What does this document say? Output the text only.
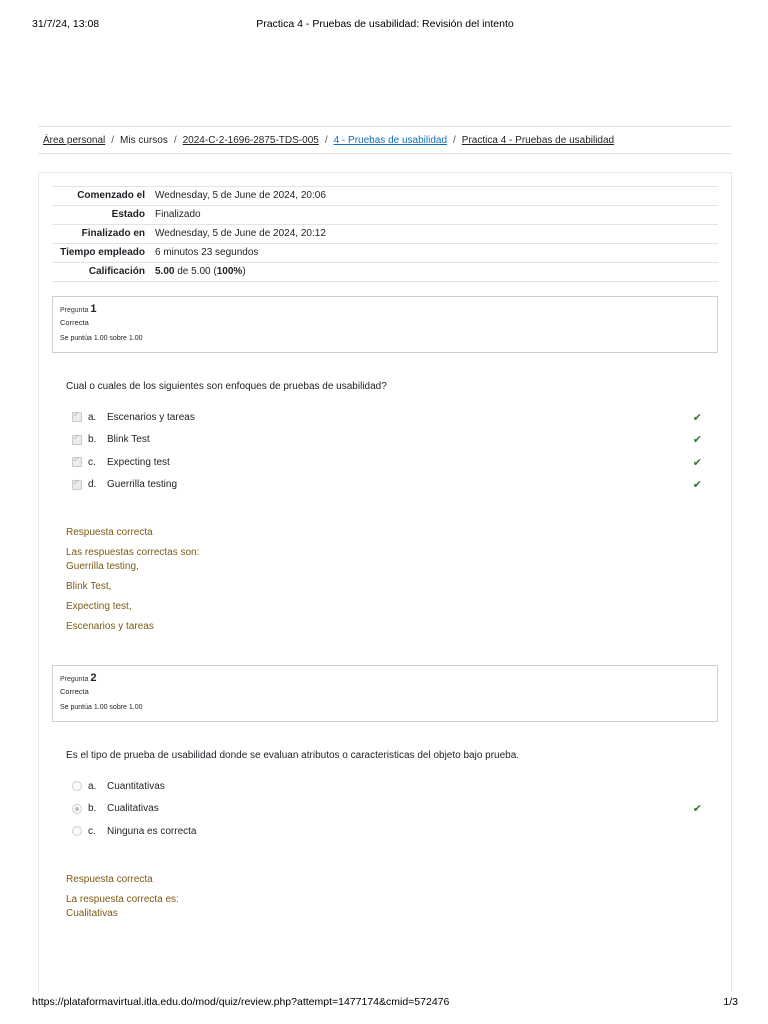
31/7/24, 13:08	Practica 4 - Pruebas de usabilidad: Revisión del intento
Área personal / Mis cursos / 2024-C-2-1696-2875-TDS-005 / 4 - Pruebas de usabilidad / Practica 4 - Pruebas de usabilidad
Comenzado el	Wednesday, 5 de June de 2024, 20:06
Estado	Finalizado
Finalizado en	Wednesday, 5 de June de 2024, 20:12
Tiempo empleado	6 minutos 23 segundos
Calificación	5.00 de 5.00 (100%)
Pregunta 1
Correcta
Se puntúa 1.00 sobre 1.00
Cual o cuales de los siguientes son enfoques de pruebas de usabilidad?
✓
a.	Escenarios y tareas	✔
✓
b.	Blink Test	✔
✓
c.	Expecting test	✔
✓
d.	Guerrilla testing	✔
Respuesta correcta
Las respuestas correctas son:
Guerrilla testing,
Blink Test,
Expecting test,
Escenarios y tareas
Pregunta 2
Correcta
Se puntúa 1.00 sobre 1.00
Es el tipo de prueba de usabilidad donde se evaluan atributos o caracteristicas del objeto bajo prueba.
a.	Cuantitativas
b.	Cualitativas	✔
c.	Ninguna es correcta
Respuesta correcta
La respuesta correcta es:
Cualitativas
https://plataformavirtual.itla.edu.do/mod/quiz/review.php?attempt=1477174&cmid=572476	1/3
